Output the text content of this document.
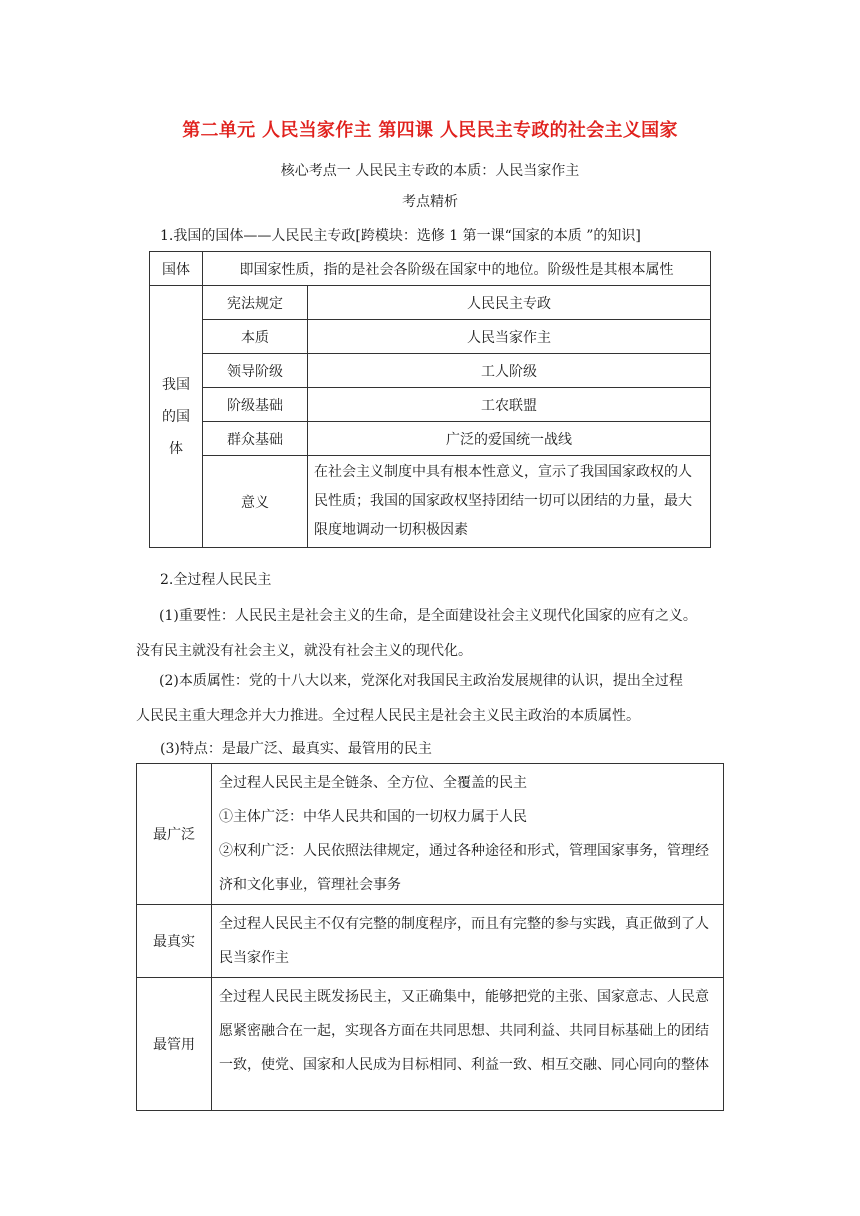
第二单元 人民当家作主 第四课 人民民主专政的社会主义国家
核心考点一 人民民主专政的本质：人民当家作主
考点精析
1.我国的国体——人民民主专政[跨模块：选修 1 第一课“国家的本质 ”的知识]
国体	即国家性质，指的是社会各阶级在国家中的地位。阶级性是其根本属性	
我国
的国
体	宪法规定	人民民主专政
	本质	人民当家作主
	领导阶级	工人阶级
	阶级基础	工农联盟
	群众基础	广泛的爱国统一战线
	意义	在社会主义制度中具有根本性意义，宣示了我国国家政权的人民性质；我国的国家政权坚持团结一切可以团结的力量，最大限度地调动一切积极因素
2.全过程人民民主
(1)重要性：人民民主是社会主义的生命，是全面建设社会主义现代化国家的应有之义。
没有民主就没有社会主义，就没有社会主义的现代化。
(2)本质属性：党的十八大以来，党深化对我国民主政治发展规律的认识，提出全过程
人民民主重大理念并大力推进。全过程人民民主是社会主义民主政治的本质属性。
(3)特点：是最广泛、最真实、最管用的民主
最广泛	全过程人民民主是全链条、全方位、全覆盖的民主
①主体广泛：中华人民共和国的一切权力属于人民
②权利广泛：人民依照法律规定，通过各种途径和形式，管理国家事务，管理经济和文化事业，管理社会事务

最真实	全过程人民民主不仅有完整的制度程序，而且有完整的参与实践，真正做到了人民当家作主

最管用	全过程人民民主既发扬民主，又正确集中，能够把党的主张、国家意志、人民意愿紧密融合在一起，实现各方面在共同思想、共同利益、共同目标基础上的团结一致，使党、国家和人民成为目标相同、利益一致、相互交融、同心同向的整体
